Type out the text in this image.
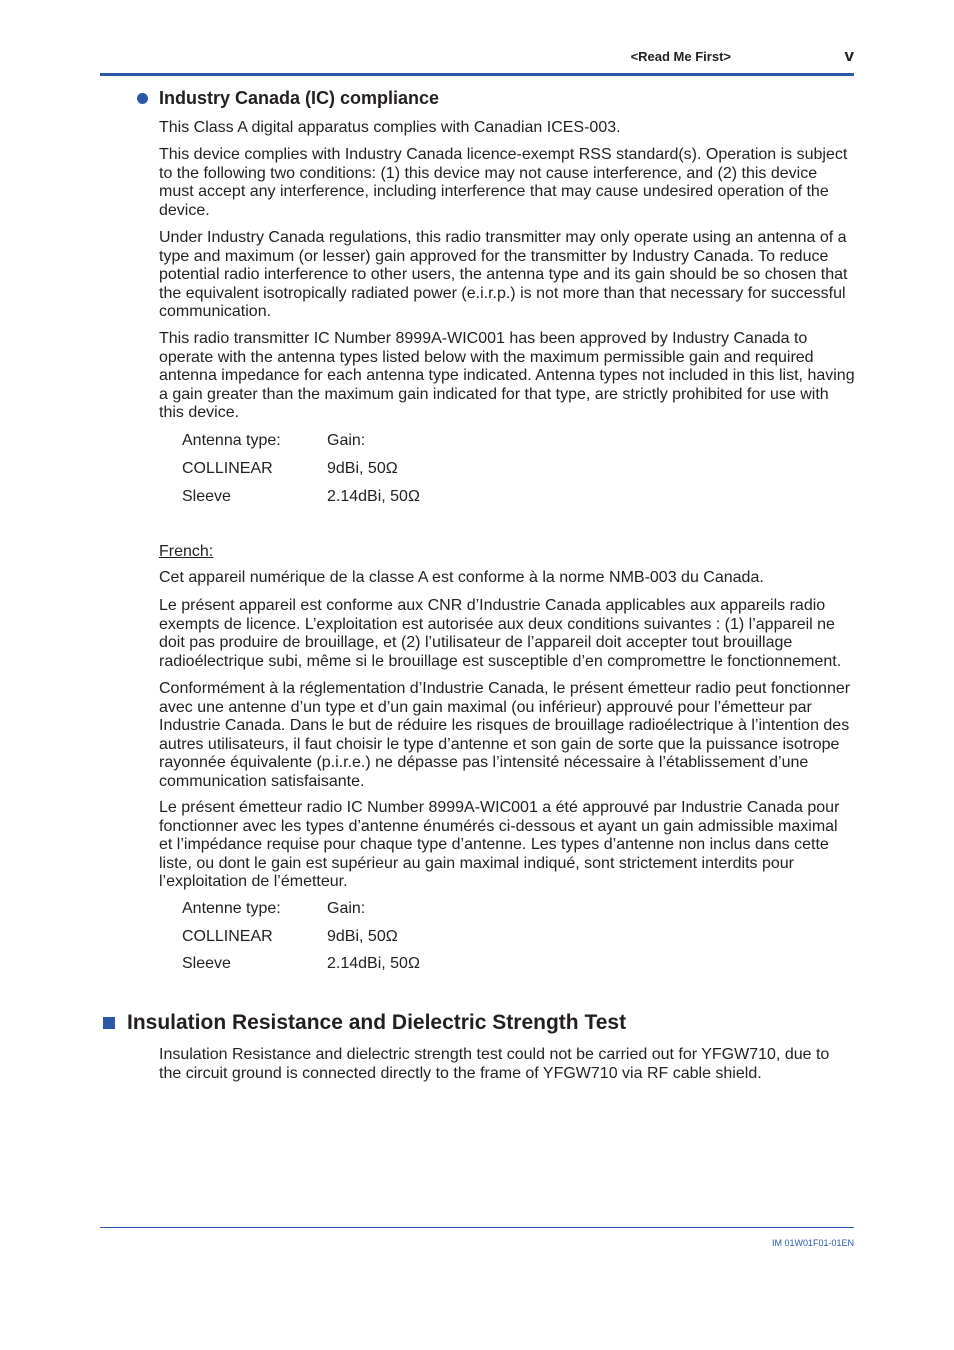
<Read Me First>	v
Industry Canada (IC) compliance

This Class A digital apparatus complies with Canadian ICES-003.

This device complies with Industry Canada licence-exempt RSS standard(s). Operation is subject to the following two conditions: (1) this device may not cause interference, and (2) this device must accept any interference, including interference that may cause undesired operation of the device.

Under Industry Canada regulations, this radio transmitter may only operate using an antenna of a type and maximum (or lesser) gain approved for the transmitter by Industry Canada. To reduce potential radio interference to other users, the antenna type and its gain should be so chosen that the equivalent isotropically radiated power (e.i.r.p.) is not more than that necessary for successful communication.

This radio transmitter IC Number 8999A-WIC001 has been approved by Industry Canada to operate with the antenna types listed below with the maximum permissible gain and required antenna impedance for each antenna type indicated. Antenna types not included in this list, having a gain greater than the maximum gain indicated for that type, are strictly prohibited for use with this device.

Antenna type:	Gain:
COLLINEAR	9dBi, 50Ω
Sleeve	2.14dBi, 50Ω
French:

Cet appareil numérique de la classe A est conforme à la norme NMB-003 du Canada.

Le présent appareil est conforme aux CNR d’Industrie Canada applicables aux appareils radio exempts de licence. L’exploitation est autorisée aux deux conditions suivantes : (1) l’appareil ne doit pas produire de brouillage, et (2) l’utilisateur de l’appareil doit accepter tout brouillage radioélectrique subi, même si le brouillage est susceptible d’en compromettre le fonctionnement.

Conformément à la réglementation d’Industrie Canada, le présent émetteur radio peut fonctionner avec une antenne d’un type et d’un gain maximal (ou inférieur) approuvé pour l’émetteur par Industrie Canada. Dans le but de réduire les risques de brouillage radioélectrique à l’intention des autres utilisateurs, il faut choisir le type d’antenne et son gain de sorte que la puissance isotrope rayonnée équivalente (p.i.r.e.) ne dépasse pas l’intensité nécessaire à l’établissement d’une communication satisfaisante.

Le présent émetteur radio IC Number 8999A-WIC001 a été approuvé par Industrie Canada pour fonctionner avec les types d’antenne énumérés ci-dessous et ayant un gain admissible maximal et l’impédance requise pour chaque type d’antenne. Les types d’antenne non inclus dans cette liste, ou dont le gain est supérieur au gain maximal indiqué, sont strictement interdits pour l’exploitation de l’émetteur.

Antenne type:	Gain:
COLLINEAR	9dBi, 50Ω
Sleeve	2.14dBi, 50Ω
Insulation Resistance and Dielectric Strength Test

Insulation Resistance and dielectric strength test could not be carried out for YFGW710, due to the circuit ground is connected directly to the frame of YFGW710 via RF cable shield.

IM 01W01F01-01EN
